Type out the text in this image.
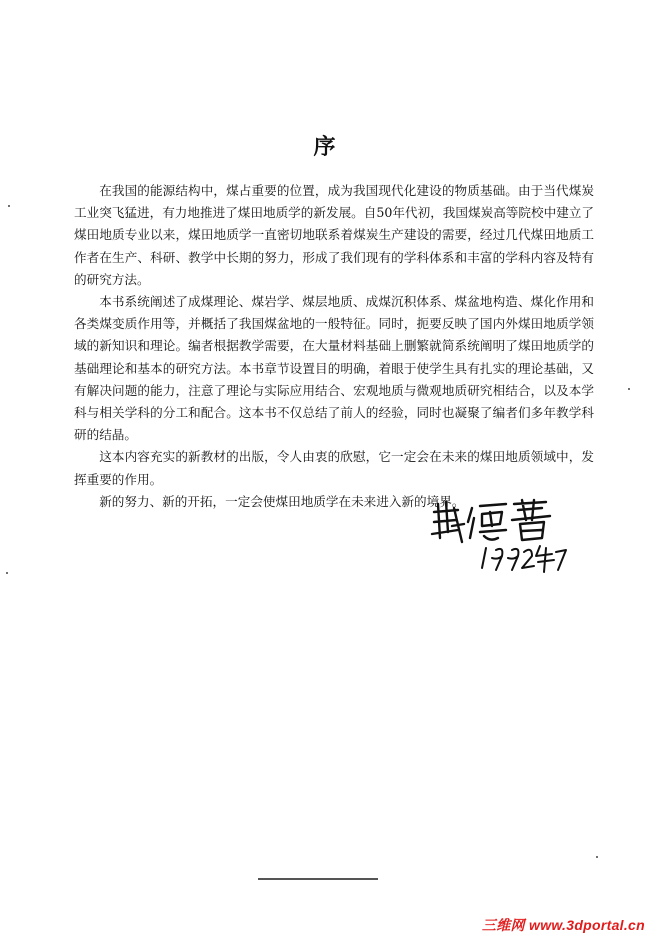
序

在我国的能源结构中，煤占重要的位置，成为我国现代化建设的物质基础。由于当代煤炭工业突飞猛进，有力地推进了煤田地质学的新发展。自50年代初，我国煤炭高等院校中建立了煤田地质专业以来，煤田地质学一直密切地联系着煤炭生产建设的需要，经过几代煤田地质工作者在生产、科研、教学中长期的努力，形成了我们现有的学科体系和丰富的学科内容及特有的研究方法。

本书系统阐述了成煤理论、煤岩学、煤层地质、成煤沉积体系、煤盆地构造、煤化作用和各类煤变质作用等，并概括了我国煤盆地的一般特征。同时，扼要反映了国内外煤田地质学领域的新知识和理论。编者根据教学需要，在大量材料基础上删繁就简系统阐明了煤田地质学的基础理论和基本的研究方法。本书章节设置目的明确，着眼于使学生具有扎实的理论基础，又有解决问题的能力，注意了理论与实际应用结合、宏观地质与微观地质研究相结合，以及本学科与相关学科的分工和配合。这本书不仅总结了前人的经验，同时也凝聚了编者们多年教学科研的结晶。

这本内容充实的新教材的出版，令人由衷的欣慰，它一定会在未来的煤田地质领域中，发挥重要的作用。

新的努力、新的开拓，一定会使煤田地质学在未来进入新的境界。

三维网 www.3dportal.cn
